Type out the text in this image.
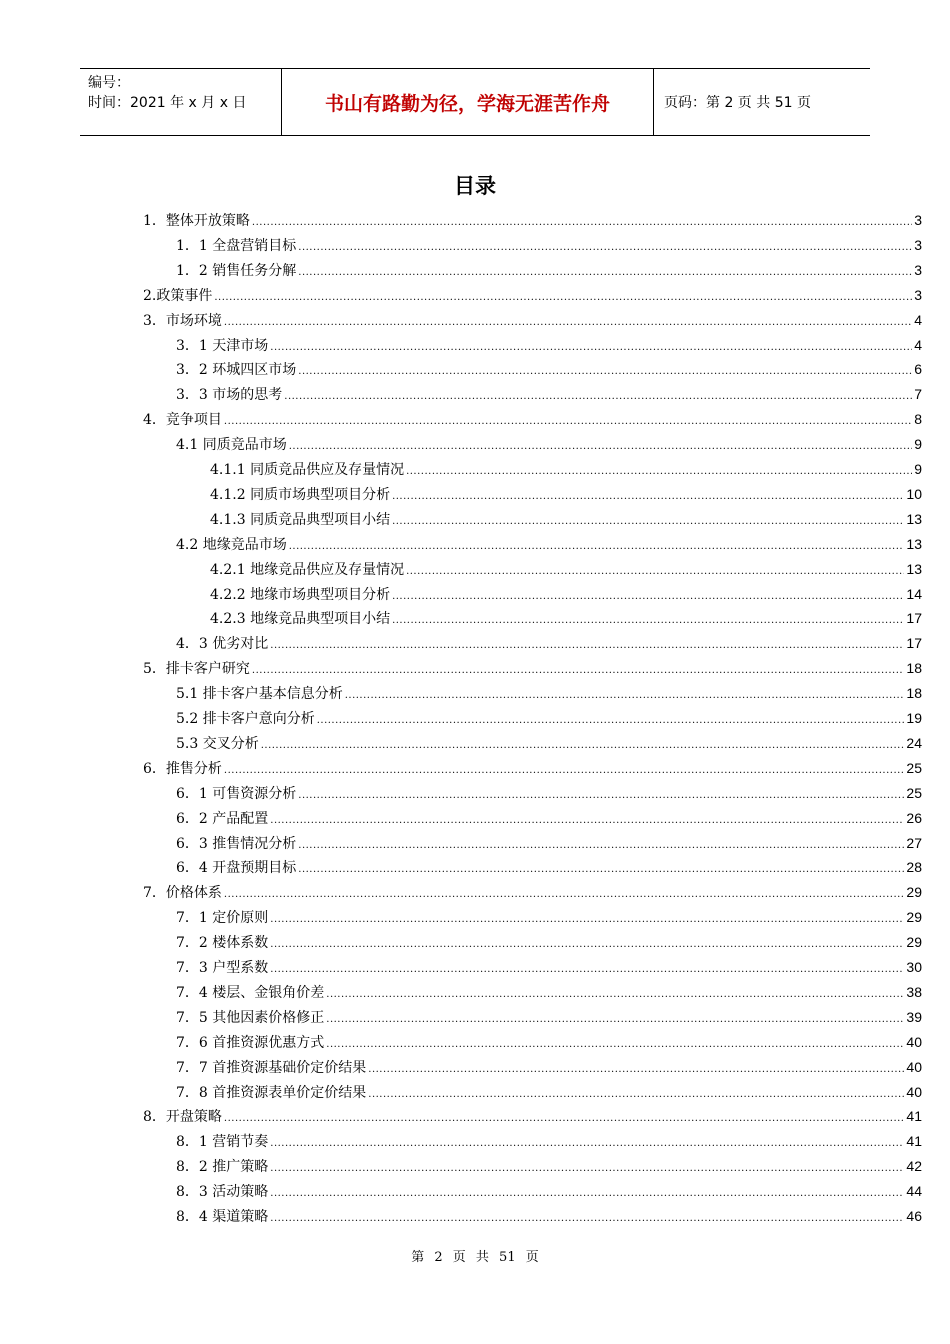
编号：
时间：2021 年 x 月 x 日	书山有路勤为径，学海无涯苦作舟	页码：第 2 页 共 51 页
目录
1．整体开放策略 .....	3
1．1 全盘营销目标 .....	3
1．2 销售任务分解 .....	3
2.政策事件 .....	3
3．市场环境 .....	4
3．1 天津市场 .....	4
3．2 环城四区市场 .....	6
3．3 市场的思考 .....	7
4．竞争项目 .....	8
4.1 同质竞品市场 .....	9
4.1.1 同质竞品供应及存量情况 .....	9
4.1.2 同质市场典型项目分析 .....	10
4.1.3 同质竞品典型项目小结 .....	13
4.2 地缘竞品市场 .....	13
4.2.1 地缘竞品供应及存量情况 .....	13
4.2.2 地缘市场典型项目分析 .....	14
4.2.3 地缘竞品典型项目小结 .....	17
4．3 优劣对比 .....	17
5．排卡客户研究 .....	18
5.1 排卡客户基本信息分析 .....	18
5.2 排卡客户意向分析 .....	19
5.3 交叉分析 .....	24
6．推售分析 .....	25
6．1 可售资源分析 .....	25
6．2 产品配置 .....	26
6．3 推售情况分析 .....	27
6．4 开盘预期目标 .....	28
7．价格体系 .....	29
7．1 定价原则 .....	29
7．2 楼体系数 .....	29
7．3 户型系数 .....	30
7．4 楼层、金银角价差 .....	38
7．5 其他因素价格修正 .....	39
7．6 首推资源优惠方式 .....	40
7．7 首推资源基础价定价结果 .....	40
7．8 首推资源表单价定价结果 .....	40
8．开盘策略 .....	41
8．1 营销节奏 .....	41
8．2 推广策略 .....	42
8．3 活动策略 .....	44
8．4 渠道策略 .....	46
第 2 页 共 51 页
